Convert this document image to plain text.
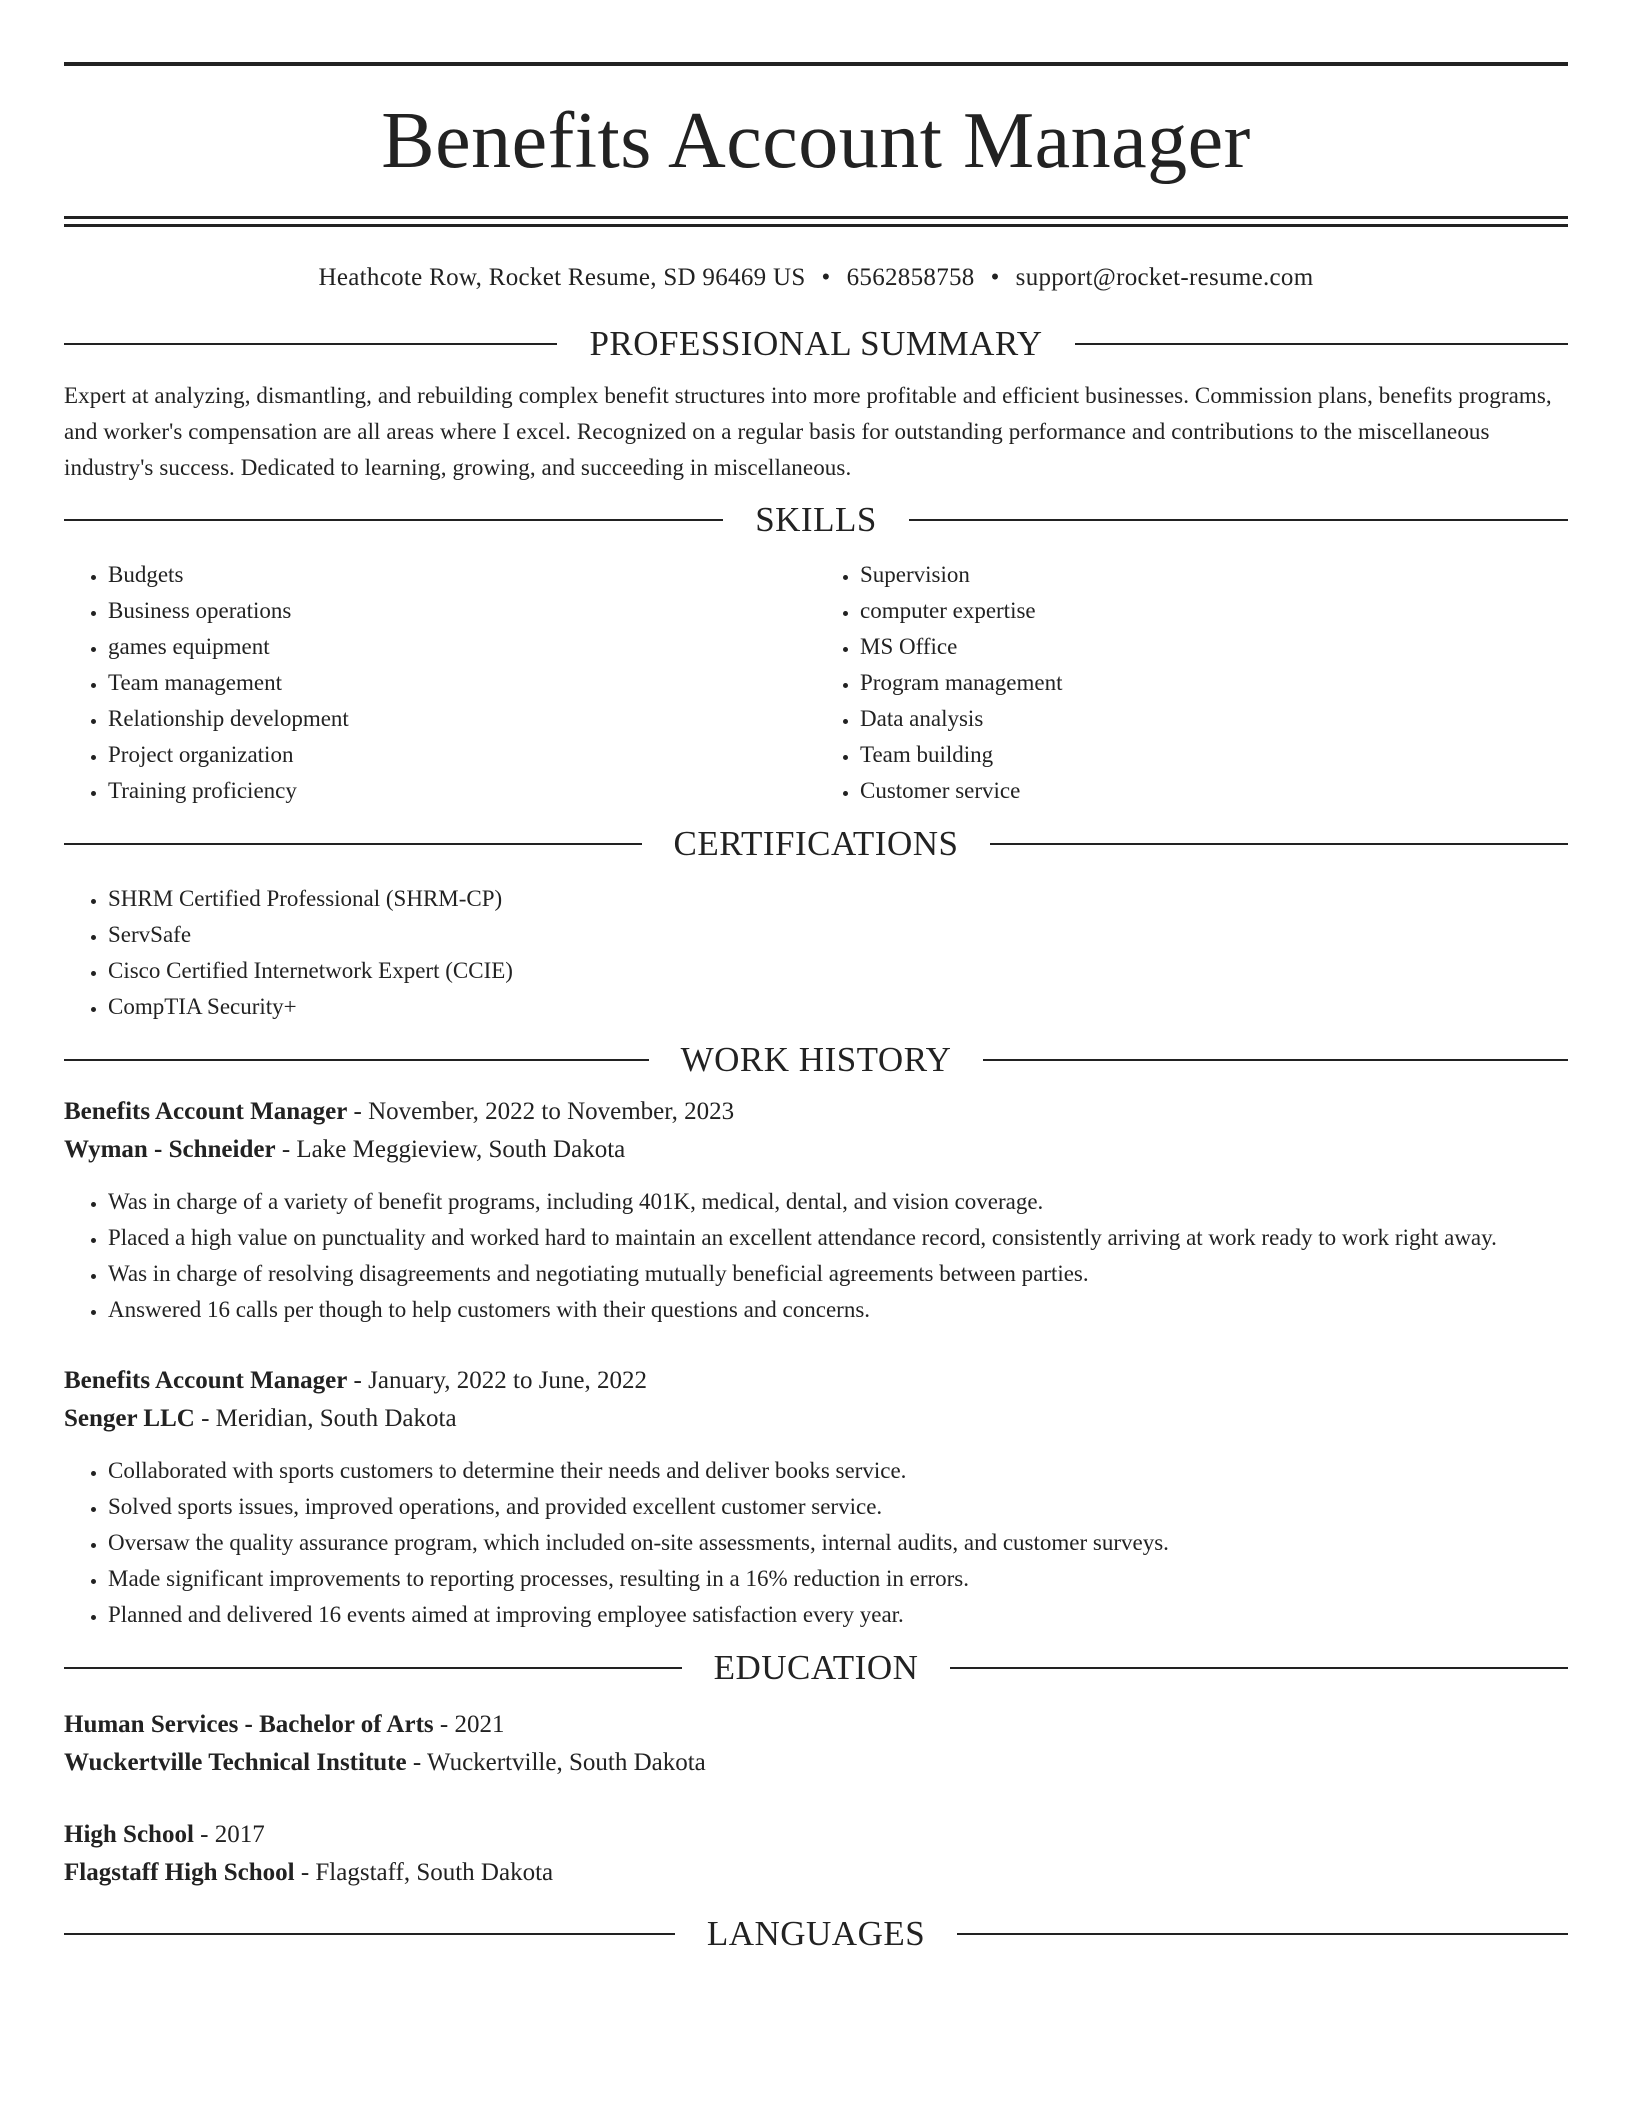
Benefits Account Manager
Heathcote Row, Rocket Resume, SD 96469 US • 6562858758 • support@rocket-resume.com
PROFESSIONAL SUMMARY

Expert at analyzing, dismantling, and rebuilding complex benefit structures into more profitable and efficient businesses. Commission plans, benefits programs, and worker's compensation are all areas where I excel. Recognized on a regular basis for outstanding performance and contributions to the miscellaneous industry's success. Dedicated to learning, growing, and succeeding in miscellaneous.

SKILLS
• Budgets
• Business operations
• games equipment
• Team management
• Relationship development
• Project organization
• Training proficiency
• Supervision
• computer expertise
• MS Office
• Program management
• Data analysis
• Team building
• Customer service
CERTIFICATIONS
• SHRM Certified Professional (SHRM-CP)
• ServSafe
• Cisco Certified Internetwork Expert (CCIE)
• CompTIA Security+
WORK HISTORY

Benefits Account Manager - November, 2022 to November, 2023

Wyman - Schneider - Lake Meggieview, South Dakota

• Was in charge of a variety of benefit programs, including 401K, medical, dental, and vision coverage.
• Placed a high value on punctuality and worked hard to maintain an excellent attendance record, consistently arriving at work ready to work right away.
• Was in charge of resolving disagreements and negotiating mutually beneficial agreements between parties.
• Answered 16 calls per though to help customers with their questions and concerns.

Benefits Account Manager - January, 2022 to June, 2022

Senger LLC - Meridian, South Dakota

• Collaborated with sports customers to determine their needs and deliver books service.
• Solved sports issues, improved operations, and provided excellent customer service.
• Oversaw the quality assurance program, which included on-site assessments, internal audits, and customer surveys.
• Made significant improvements to reporting processes, resulting in a 16% reduction in errors.
• Planned and delivered 16 events aimed at improving employee satisfaction every year.
EDUCATION

Human Services - Bachelor of Arts - 2021

Wuckertville Technical Institute - Wuckertville, South Dakota

High School - 2017

Flagstaff High School - Flagstaff, South Dakota

LANGUAGES
